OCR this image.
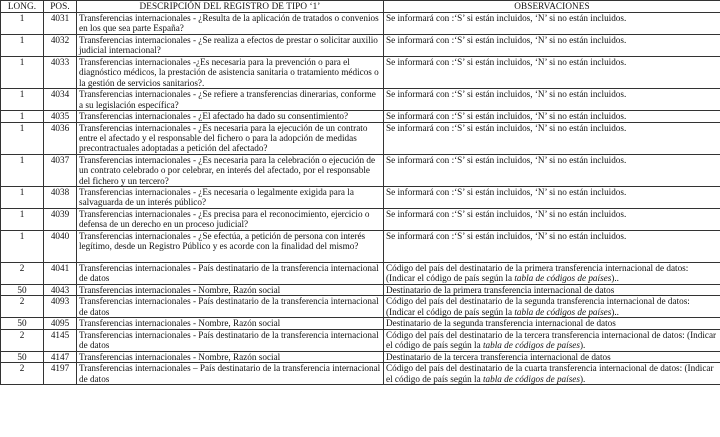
LONG.	POS.	DESCRIPCIÓN DEL REGISTRO DE TIPO ‘1’	OBSERVACIONES
1	4031	Transferencias internacionales - ¿Resulta de la aplicación de tratados o convenios en los que sea parte España?	Se informará con :‘S’ si están incluidos, ‘N’ si no están incluidos.
1	4032	Transferencias internacionales - ¿Se realiza a efectos de prestar o solicitar auxilio judicial internacional?	Se informará con :‘S’ si están incluidos, ‘N’ si no están incluidos.
1	4033	Transferencias internacionales -¿Es necesaria para la prevención o para el diagnóstico médicos, la prestación de asistencia sanitaria o tratamiento médicos o la gestión de servicios sanitarios?.	Se informará con :‘S’ si están incluidos, ‘N’ si no están incluidos.
1	4034	Transferencias internacionales - ¿Se refiere a transferencias dinerarias, conforme a su legislación específica?	Se informará con :‘S’ si están incluidos, ‘N’ si no están incluidos.
1	4035	Transferencias internacionales - ¿El afectado ha dado su consentimiento?	Se informará con :‘S’ si están incluidos, ‘N’ si no están incluidos.
1	4036	Transferencias internacionales - ¿Es necesaria para la ejecución de un contrato entre el afectado y el responsable del fichero o para la adopción de medidas precontractuales adoptadas a petición del afectado?	Se informará con :‘S’ si están incluidos, ‘N’ si no están incluidos.
1	4037	Transferencias internacionales - ¿Es necesaria para la celebración o ejecución de un contrato celebrado o por celebrar, en interés del afectado, por el responsable del fichero y un tercero?	Se informará con :‘S’ si están incluidos, ‘N’ si no están incluidos.
1	4038	Transferencias internacionales - ¿Es necesaria o legalmente exigida para la salvaguarda de un interés público?	Se informará con :‘S’ si están incluidos, ‘N’ si no están incluidos.
1	4039	Transferencias internacionales - ¿Es precisa para el reconocimiento, ejercicio o defensa de un derecho en un proceso judicial?	Se informará con :‘S’ si están incluidos, ‘N’ si no están incluidos.
1	4040	Transferencias internacionales - ¿Se efectúa, a petición de persona con interés legítimo, desde un Registro Público y es acorde con la finalidad del mismo?	Se informará con :‘S’ si están incluidos, ‘N’ si no están incluidos.
2	4041	Transferencias internacionales - País destinatario de la transferencia internacional de datos	Código del país del destinatario de la primera transferencia internacional de datos: (Indicar el código de país según la tabla de códigos de países)..
50	4043	Transferencias internacionales - Nombre, Razón social	Destinatario de la primera transferencia internacional de datos
2	4093	Transferencias internacionales - País destinatario de la transferencia internacional de datos	Código del país del destinatario de la segunda transferencia internacional de datos: (Indicar el código de país según la tabla de códigos de países)..
50	4095	Transferencias internacionales - Nombre, Razón social	Destinatario de la segunda transferencia internacional de datos
2	4145	Transferencias internacionales - País destinatario de la transferencia internacional de datos	Código del país del destinatario de la tercera transferencia internacional de datos: (Indicar el código de país según la tabla de códigos de países).
50	4147	Transferencias internacionales - Nombre, Razón social	Destinatario de la tercera transferencia internacional de datos
2	4197	Transferencias internacionales – País destinatario de la transferencia internacional de datos	Código del país del destinatario de la cuarta transferencia internacional de datos: (Indicar el código de país según la tabla de códigos de países).
